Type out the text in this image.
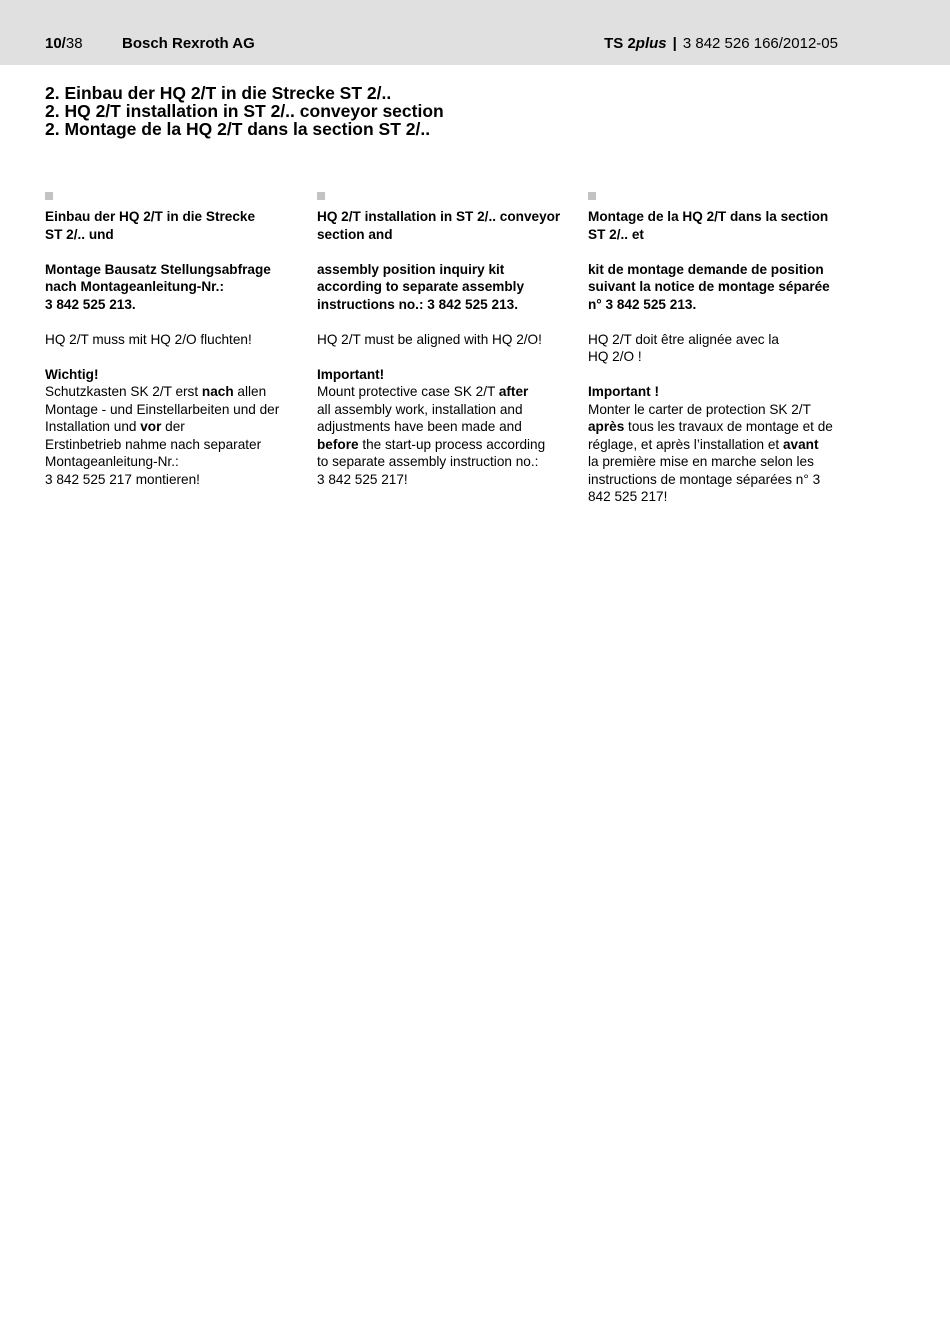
10/38	Bosch Rexroth AG	TS 2plus | 3 842 526 166/2012-05
2. Einbau der HQ 2/T in die Strecke ST 2/..
2. HQ 2/T installation in ST 2/.. conveyor section
2. Montage de la HQ 2/T dans la section ST 2/..

Einbau der HQ 2/T in die Strecke
ST 2/.. und

Montage Bausatz Stellungsabfrage
nach Montageanleitung-Nr.:
3 842 525 213.

HQ 2/T muss mit HQ 2/O fluchten!

Wichtig!

Schutzkasten SK 2/T erst nach allen
Montage - und Einstellarbeiten und der
Installation und vor der
Erstinbetrieb nahme nach separater
Montageanleitung-Nr.:
3 842 525 217 montieren!

HQ 2/T installation in ST 2/.. conveyor
section and

assembly position inquiry kit
according to separate assembly
instructions no.: 3 842 525 213.

HQ 2/T must be aligned with HQ 2/O!

Important!

Mount protective case SK 2/T after
all assembly work, installation and
adjustments have been made and
before the start-up process according
to separate assembly instruction no.:
3 842 525 217!

Montage de la HQ 2/T dans la section
ST 2/.. et

kit de montage demande de position
suivant la notice de montage séparée
n° 3 842 525 213.

HQ 2/T doit être alignée avec la
HQ 2/O !

Important !

Monter le carter de protection SK 2/T
après tous les travaux de montage et de
réglage, et après l’installation et avant
la première mise en marche selon les
instructions de montage séparées n° 3
842 525 217!
